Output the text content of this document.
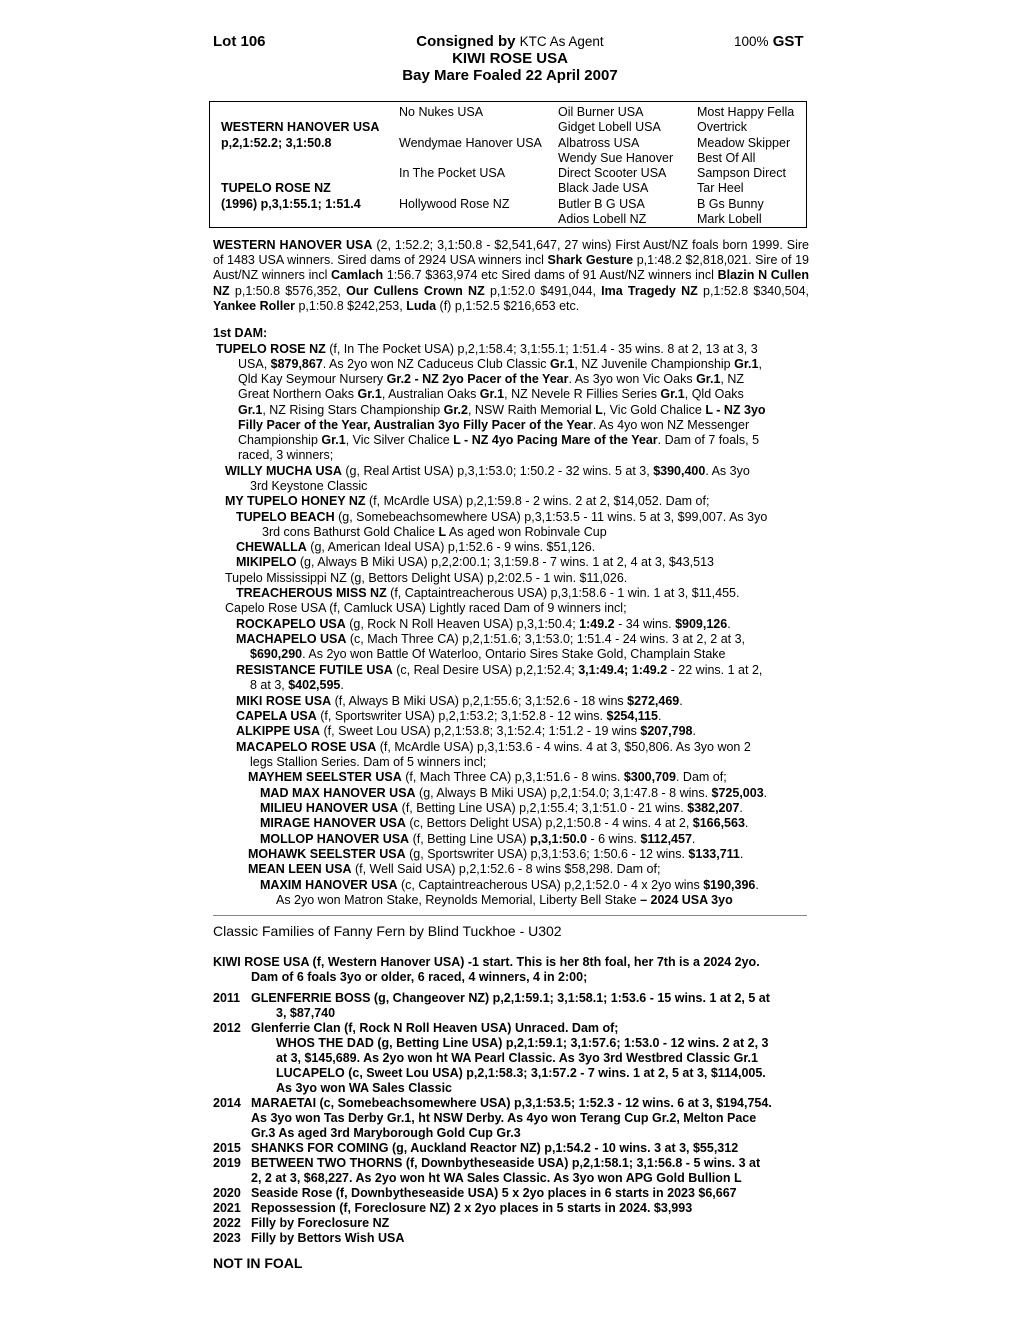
Lot 106	Consigned by KTC As Agent
KIWI ROSE USA
Bay Mare Foaled 22 April 2007
100% GST
WESTERN HANOVER USA
p,2,1:52.2; 3,1:50.8
TUPELO ROSE NZ
(1996) p,3,1:55.1; 1:51.4
No Nukes USA
Wendymae Hanover USA
In The Pocket USA
Hollywood Rose NZ
Oil Burner USA
Gidget Lobell USA
Albatross USA
Wendy Sue Hanover
Direct Scooter USA
Black Jade USA
Butler B G USA
Adios Lobell NZ
Most Happy Fella
Overtrick
Meadow Skipper
Best Of All
Sampson Direct
Tar Heel
B Gs Bunny
Mark Lobell
WESTERN HANOVER USA (2, 1:52.2; 3,1:50.8 - $2,541,647, 27 wins) First Aust/NZ foals born 1999. Sire of 1483 USA winners. Sired dams of 2924 USA winners incl Shark Gesture p,1:48.2 $2,818,021. Sire of 19 Aust/NZ winners incl Camlach 1:56.7 $363,974 etc Sired dams of 91 Aust/NZ winners incl Blazin N Cullen NZ p,1:50.8 $576,352, Our Cullens Crown NZ p,1:52.0 $491,044, Ima Tragedy NZ p,1:52.8 $340,504, Yankee Roller p,1:50.8 $242,253, Luda (f) p,1:52.5 $216,653 etc.
1st DAM:
TUPELO ROSE NZ (f, In The Pocket USA) p,2,1:58.4; 3,1:55.1; 1:51.4 - 35 wins. 8 at 2, 13 at 3, 3
USA, $879,867. As 2yo won NZ Caduceus Club Classic Gr.1, NZ Juvenile Championship Gr.1,
Qld Kay Seymour Nursery Gr.2 - NZ 2yo Pacer of the Year. As 3yo won Vic Oaks Gr.1, NZ
Great Northern Oaks Gr.1, Australian Oaks Gr.1, NZ Nevele R Fillies Series Gr.1, Qld Oaks
Gr.1, NZ Rising Stars Championship Gr.2, NSW Raith Memorial L, Vic Gold Chalice L - NZ 3yo
Filly Pacer of the Year, Australian 3yo Filly Pacer of the Year. As 4yo won NZ Messenger
Championship Gr.1, Vic Silver Chalice L - NZ 4yo Pacing Mare of the Year. Dam of 7 foals, 5
raced, 3 winners;
WILLY MUCHA USA (g, Real Artist USA) p,3,1:53.0; 1:50.2 - 32 wins. 5 at 3, $390,400. As 3yo
3rd Keystone Classic
MY TUPELO HONEY NZ (f, McArdle USA) p,2,1:59.8 - 2 wins. 2 at 2, $14,052. Dam of;
TUPELO BEACH (g, Somebeachsomewhere USA) p,3,1:53.5 - 11 wins. 5 at 3, $99,007. As 3yo
3rd cons Bathurst Gold Chalice L As aged won Robinvale Cup
CHEWALLA (g, American Ideal USA) p,1:52.6 - 9 wins. $51,126.
MIKIPELO (g, Always B Miki USA) p,2,2:00.1; 3,1:59.8 - 7 wins. 1 at 2, 4 at 3, $43,513
Tupelo Mississippi NZ (g, Bettors Delight USA) p,2:02.5 - 1 win. $11,026.
TREACHEROUS MISS NZ (f, Captaintreacherous USA) p,3,1:58.6 - 1 win. 1 at 3, $11,455.
Capelo Rose USA (f, Camluck USA) Lightly raced Dam of 9 winners incl;
ROCKAPELO USA (g, Rock N Roll Heaven USA) p,3,1:50.4; 1:49.2 - 34 wins. $909,126.
MACHAPELO USA (c, Mach Three CA) p,2,1:51.6; 3,1:53.0; 1:51.4 - 24 wins. 3 at 2, 2 at 3,
$690,290. As 2yo won Battle Of Waterloo, Ontario Sires Stake Gold, Champlain Stake
RESISTANCE FUTILE USA (c, Real Desire USA) p,2,1:52.4; 3,1:49.4; 1:49.2 - 22 wins. 1 at 2,
8 at 3, $402,595.
MIKI ROSE USA (f, Always B Miki USA) p,2,1:55.6; 3,1:52.6 - 18 wins $272,469.
CAPELA USA (f, Sportswriter USA) p,2,1:53.2; 3,1:52.8 - 12 wins. $254,115.
ALKIPPE USA (f, Sweet Lou USA) p,2,1:53.8; 3,1:52.4; 1:51.2 - 19 wins $207,798.
MACAPELO ROSE USA (f, McArdle USA) p,3,1:53.6 - 4 wins. 4 at 3, $50,806. As 3yo won 2
legs Stallion Series. Dam of 5 winners incl;
MAYHEM SEELSTER USA (f, Mach Three CA) p,3,1:51.6 - 8 wins. $300,709. Dam of;
MAD MAX HANOVER USA (g, Always B Miki USA) p,2,1:54.0; 3,1:47.8 - 8 wins. $725,003.
MILIEU HANOVER USA (f, Betting Line USA) p,2,1:55.4; 3,1:51.0 - 21 wins. $382,207.
MIRAGE HANOVER USA (c, Bettors Delight USA) p,2,1:50.8 - 4 wins. 4 at 2, $166,563.
MOLLOP HANOVER USA (f, Betting Line USA) p,3,1:50.0 - 6 wins. $112,457.
MOHAWK SEELSTER USA (g, Sportswriter USA) p,3,1:53.6; 1:50.6 - 12 wins. $133,711.
MEAN LEEN USA (f, Well Said USA) p,2,1:52.6 - 8 wins $58,298. Dam of;
MAXIM HANOVER USA (c, Captaintreacherous USA) p,2,1:52.0 - 4 x 2yo wins $190,396.
As 2yo won Matron Stake, Reynolds Memorial, Liberty Bell Stake – 2024 USA 3yo
Classic Families of Fanny Fern by Blind Tuckhoe - U302
KIWI ROSE USA (f, Western Hanover USA) -1 start. This is her 8th foal, her 7th is a 2024 2yo.
Dam of 6 foals 3yo or older, 6 raced, 4 winners, 4 in 2:00;
2011 GLENFERRIE BOSS (g, Changeover NZ) p,2,1:59.1; 3,1:58.1; 1:53.6 - 15 wins. 1 at 2, 5 at
3, $87,740
2012 Glenferrie Clan (f, Rock N Roll Heaven USA) Unraced. Dam of;
WHOS THE DAD (g, Betting Line USA) p,2,1:59.1; 3,1:57.6; 1:53.0 - 12 wins. 2 at 2, 3
at 3, $145,689. As 2yo won ht WA Pearl Classic. As 3yo 3rd Westbred Classic Gr.1
LUCAPELO (c, Sweet Lou USA) p,2,1:58.3; 3,1:57.2 - 7 wins. 1 at 2, 5 at 3, $114,005.
As 3yo won WA Sales Classic
2014 MARAETAI (c, Somebeachsomewhere USA) p,3,1:53.5; 1:52.3 - 12 wins. 6 at 3, $194,754.
As 3yo won Tas Derby Gr.1, ht NSW Derby. As 4yo won Terang Cup Gr.2, Melton Pace
Gr.3 As aged 3rd Maryborough Gold Cup Gr.3
2015 SHANKS FOR COMING (g, Auckland Reactor NZ) p,1:54.2 - 10 wins. 3 at 3, $55,312
2019 BETWEEN TWO THORNS (f, Downbytheseaside USA) p,2,1:58.1; 3,1:56.8 - 5 wins. 3 at
2, 2 at 3, $68,227. As 2yo won ht WA Sales Classic. As 3yo won APG Gold Bullion L
2020 Seaside Rose (f, Downbytheseaside USA) 5 x 2yo places in 6 starts in 2023 $6,667
2021 Repossession (f, Foreclosure NZ) 2 x 2yo places in 5 starts in 2024. $3,993
2022 Filly by Foreclosure NZ
2023 Filly by Bettors Wish USA
NOT IN FOAL
